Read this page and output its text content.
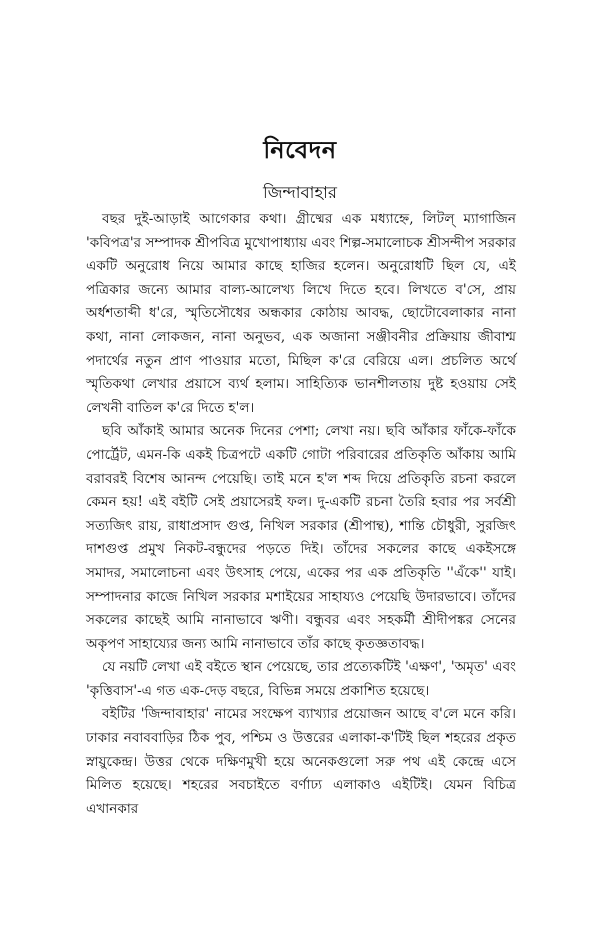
নিবেদন
জিন্দাবাহার

বছর দুই-আড়াই আগেকার কথা। গ্রীষ্মের এক মধ্যাহ্নে, লিটল্ ম্যাগাজিন 'কবিপত্র'র সম্পাদক শ্রীপবিত্র মুখোপাধ্যায় এবং শিল্প-সমালোচক শ্রীসন্দীপ সরকার একটি অনুরোধ নিয়ে আমার কাছে হাজির হলেন। অনুরোধটি ছিল যে, এই পত্রিকার জন্যে আমার বাল্য-আলেখ্য লিখে দিতে হবে। লিখতে ব'সে, প্রায় অর্ধশতাব্দী ধ'রে, স্মৃতিসৌধের অন্ধকার কোঠায় আবদ্ধ, ছোটোবেলাকার নানা কথা, নানা লোকজন, নানা অনুভব, এক অজানা সঞ্জীবনীর প্রক্রিয়ায় জীবাশ্ম পদার্থের নতুন প্রাণ পাওয়ার মতো, মিছিল ক'রে বেরিয়ে এল। প্রচলিত অর্থে স্মৃতিকথা লেখার প্রয়াসে ব্যর্থ হলাম। সাহিত্যিক ভানশীলতায় দুষ্ট হওয়ায় সেই লেখনী বাতিল ক'রে দিতে হ'ল।

ছবি আঁকাই আমার অনেক দিনের পেশা; লেখা নয়। ছবি আঁকার ফাঁকে-ফাঁকে পোর্ট্রেট, এমন-কি একই চিত্রপটে একটি গোটা পরিবারের প্রতিকৃতি আঁকায় আমি বরাবরই বিশেষ আনন্দ পেয়েছি। তাই মনে হ'ল শব্দ দিয়ে প্রতিকৃতি রচনা করলে কেমন হয়! এই বইটি সেই প্রয়াসেরই ফল। দু-একটি রচনা তৈরি হবার পর সর্বশ্রী সত্যজিৎ রায়, রাধাপ্রসাদ গুপ্ত, নিখিল সরকার (শ্রীপান্থ), শান্তি চৌধুরী, সুরজিৎ দাশগুপ্ত প্রমুখ নিকট-বন্ধুদের পড়তে দিই। তাঁদের সকলের কাছে একইসঙ্গে সমাদর, সমালোচনা এবং উৎসাহ পেয়ে, একের পর এক প্রতিকৃতি ''এঁকে'' যাই। সম্পাদনার কাজে নিখিল সরকার মশাইয়ের সাহায্যও পেয়েছি উদারভাবে। তাঁদের সকলের কাছেই আমি নানাভাবে ঋণী। বন্ধুবর এবং সহকর্মী শ্রীদীপঙ্কর সেনের অকৃপণ সাহায্যের জন্য আমি নানাভাবে তাঁর কাছে কৃতজ্ঞতাবদ্ধ।

যে নয়টি লেখা এই বইতে স্থান পেয়েছে, তার প্রত্যেকটিই 'এক্ষণ', 'অমৃত' এবং 'কৃত্তিবাস'-এ গত এক-দেড় বছরে, বিভিন্ন সময়ে প্রকাশিত হয়েছে।

বইটির 'জিন্দাবাহার' নামের সংক্ষেপ ব্যাখ্যার প্রয়োজন আছে ব'লে মনে করি। ঢাকার নবাববাড়ির ঠিক পুব, পশ্চিম ও উত্তরের এলাকা-ক'টিই ছিল শহরের প্রকৃত স্নায়ুকেন্দ্র। উত্তর থেকে দক্ষিণমুখী হয়ে অনেকগুলো সরু পথ এই কেন্দ্রে এসে মিলিত হয়েছে। শহরের সবচাইতে বর্ণাঢ্য এলাকাও এইটিই। যেমন বিচিত্র এখানকার
